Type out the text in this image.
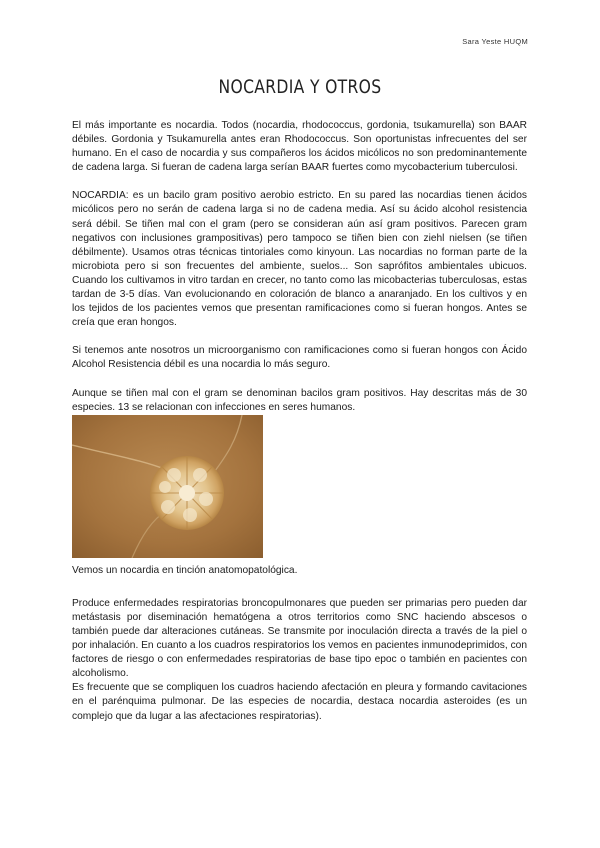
Sara Yeste HUQM
NOCARDIA Y OTROS

El más importante es nocardia. Todos (nocardia, rhodococcus, gordonia, tsukamurella) son BAAR débiles. Gordonia y Tsukamurella antes eran Rhodococcus. Son oportunistas infrecuentes del ser humano. En el caso de nocardia y sus compañeros los ácidos micólicos no son predominantemente de cadena larga. Si fueran de cadena larga serían BAAR fuertes como mycobacterium tuberculosi.

NOCARDIA: es un bacilo gram positivo aerobio estricto. En su pared las nocardias tienen ácidos micólicos pero no serán de cadena larga si no de cadena media. Así su ácido alcohol resistencia será débil. Se tiñen mal con el gram (pero se consideran aún así gram positivos. Parecen gram negativos con inclusiones grampositivas) pero tampoco se tiñen bien con ziehl nielsen (se tiñen débilmente). Usamos otras técnicas tintoriales como kinyoun. Las nocardias no forman parte de la microbiota pero si son frecuentes del ambiente, suelos... Son saprófitos ambientales ubicuos. Cuando los cultivamos in vitro tardan en crecer, no tanto como las micobacterias tuberculosas, estas tardan de 3-5 días. Van evolucionando en coloración de blanco a anaranjado. En los cultivos y en los tejidos de los pacientes vemos que presentan ramificaciones como si fueran hongos. Antes se creía que eran hongos.

Si tenemos ante nosotros un microorganismo con ramificaciones como si fueran hongos con Ácido Alcohol Resistencia débil es una nocardia lo más seguro.

Aunque se tiñen mal con el gram se denominan bacilos gram positivos. Hay descritas más de 30 especies. 13 se relacionan con infecciones en seres humanos.

Vemos un nocardia en tinción anatomopatológica.

Produce enfermedades respiratorias broncopulmonares que pueden ser primarias pero pueden dar metástasis por diseminación hematógena a otros territorios como SNC haciendo abscesos o también puede dar alteraciones cutáneas. Se transmite por inoculación directa a través de la piel o por inhalación. En cuanto a los cuadros respiratorios los vemos en pacientes inmunodeprimidos, con factores de riesgo o con enfermedades respiratorias de base tipo epoc o también en pacientes con alcoholismo.

Es frecuente que se compliquen los cuadros haciendo afectación en pleura y formando cavitaciones en el parénquima pulmonar. De las especies de nocardia, destaca nocardia asteroides (es un complejo que da lugar a las afectaciones respiratorias).
